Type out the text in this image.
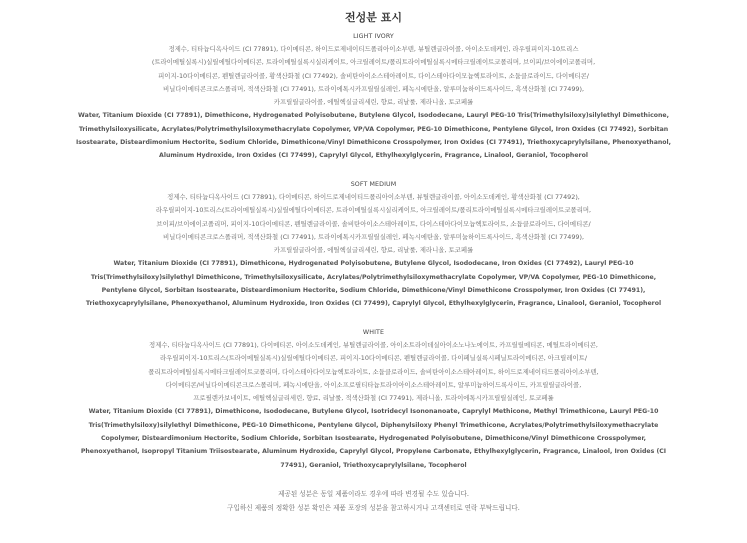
전성분 표시
LIGHT IVORY
정제수, 티타늄디옥사이드 (CI 77891), 다이메티콘, 하이드로제네이티드폴리아이소부텐, 뷰틸렌글라이콜, 아이소도데케인, 라우릴피이지-10트리스
(트라이메틸실록시)실릴에틸다이메티콘, 트라이메틸실록시실리케이트, 아크릴레이트/폴리트라이메틸실록시메타크릴레이트코폴리머, 브이피/브이에이코폴리머,
피이지-10다이메티콘, 펜틸렌글라이콜, 황색산화철 (CI 77492), 솔비탄아이소스테아레이트, 다이스테아다이모늄헥토라이트, 소듐클로라이드, 다이메티콘/
비닐다이메티콘크로스폴리머, 적색산화철 (CI 77491), 트라이에톡시카프릴릴실레인, 페녹시에탄올, 알루미늄하이드록사이드, 흑색산화철 (CI 77499),
카프릴릴글라이콜, 에틸헥실글리세린, 향료, 리날룰, 제라니올, 토코페롤
Water, Titanium Dioxide (CI 77891), Dimethicone, Hydrogenated Polyisobutene, Butylene Glycol, Isododecane, Lauryl PEG-10 Tris(Trimethylsiloxy)silylethyl Dimethicone,
Trimethylsiloxysilicate, Acrylates/Polytrimethylsiloxymethacrylate Copolymer, VP/VA Copolymer, PEG-10 Dimethicone, Pentylene Glycol, Iron Oxides (CI 77492), Sorbitan
Isostearate, Disteardimonium Hectorite, Sodium Chloride, Dimethicone/Vinyl Dimethicone Crosspolymer, Iron Oxides (CI 77491), Triethoxycaprylylsilane, Phenoxyethanol,
Aluminum Hydroxide, Iron Oxides (CI 77499), Caprylyl Glycol, Ethylhexylglycerin, Fragrance, Linalool, Geraniol, Tocopherol
SOFT MEDIUM
정제수, 티타늄디옥사이드 (CI 77891), 다이메티콘, 하이드로제네이티드폴리아이소부텐, 뷰틸렌글라이콜, 아이소도데케인, 황색산화철 (CI 77492),
라우릴피이지-10트리스(트라이메틸실록시)실릴에틸다이메티콘, 트라이메틸실록시실리케이트, 아크릴레이트/폴리트라이메틸실록시메타크릴레이트코폴리머,
브이피/브이에이코폴리머, 피이지-10다이메티콘, 펜틸렌글라이콜, 솔비탄아이소스테아레이트, 다이스테아다이모늄헥토라이트, 소듐클로라이드, 다이메티콘/
비닐다이메티콘크로스폴리머, 적색산화철 (CI 77491), 트라이에톡시카프릴릴실레인, 페녹시에탄올, 알루미늄하이드록사이드, 흑색산화철 (CI 77499),
카프릴릴글라이콜, 에틸헥실글리세린, 향료, 리날룰, 제라니올, 토코페롤
Water, Titanium Dioxide (CI 77891), Dimethicone, Hydrogenated Polyisobutene, Butylene Glycol, Isododecane, Iron Oxides (CI 77492), Lauryl PEG-10
Tris(Trimethylsiloxy)silylethyl Dimethicone, Trimethylsiloxysilicate, Acrylates/Polytrimethylsiloxymethacrylate Copolymer, VP/VA Copolymer, PEG-10 Dimethicone,
Pentylene Glycol, Sorbitan Isostearate, Disteardimonium Hectorite, Sodium Chloride, Dimethicone/Vinyl Dimethicone Crosspolymer, Iron Oxides (CI 77491),
Triethoxycaprylylsilane, Phenoxyethanol, Aluminum Hydroxide, Iron Oxides (CI 77499), Caprylyl Glycol, Ethylhexylglycerin, Fragrance, Linalool, Geraniol, Tocopherol
WHITE
정제수, 티타늄디옥사이드 (CI 77891), 다이메티콘, 아이소도데케인, 뷰틸렌글라이콜, 아이소트라이데실아이소노나노에이트, 카프릴릴메티콘, 메틸트라이메티콘,
라우릴피이지-10트리스(트라이메틸실록시)실릴에틸다이메티콘, 피이지-10다이메티콘, 펜틸렌글라이콜, 다이페닐실록시페닐트라이메티콘, 아크릴레이트/
폴리트라이메틸실록시메타크릴레이트코폴리머, 다이스테아다이모늄헥토라이트, 소듐클로라이드, 솔비탄아이소스테아레이트, 하이드로제네이티드폴리아이소부텐,
다이메티콘/비닐다이메티콘크로스폴리머, 페녹시에탄올, 아이소프로필티타늄트라이아이소스테아레이트, 알루미늄하이드록사이드, 카프릴릴글라이콜,
프로필렌카보네이트, 에틸헥실글리세린, 향료, 리날룰, 적색산화철 (CI 77491), 제라니올, 트라이에톡시카프릴릴실레인, 토코페롤
Water, Titanium Dioxide (CI 77891), Dimethicone, Isododecane, Butylene Glycol, Isotridecyl Isononanoate, Caprylyl Methicone, Methyl Trimethicone, Lauryl PEG-10
Tris(Trimethylsiloxy)silylethyl Dimethicone, PEG-10 Dimethicone, Pentylene Glycol, Diphenylsiloxy Phenyl Trimethicone, Acrylates/Polytrimethylsiloxymethacrylate
Copolymer, Disteardimonium Hectorite, Sodium Chloride, Sorbitan Isostearate, Hydrogenated Polyisobutene, Dimethicone/Vinyl Dimethicone Crosspolymer,
Phenoxyethanol, Isopropyl Titanium Triisostearate, Aluminum Hydroxide, Caprylyl Glycol, Propylene Carbonate, Ethylhexylglycerin, Fragrance, Linalool, Iron Oxides (CI
77491), Geraniol, Triethoxycaprylylsilane, Tocopherol
제공된 성분은 동일 제품이라도 경우에 따라 변경될 수도 있습니다.
구입하신 제품의 정확한 성분 확인은 제품 포장의 성분을 참고하시거나 고객센터로 연락 부탁드립니다.
